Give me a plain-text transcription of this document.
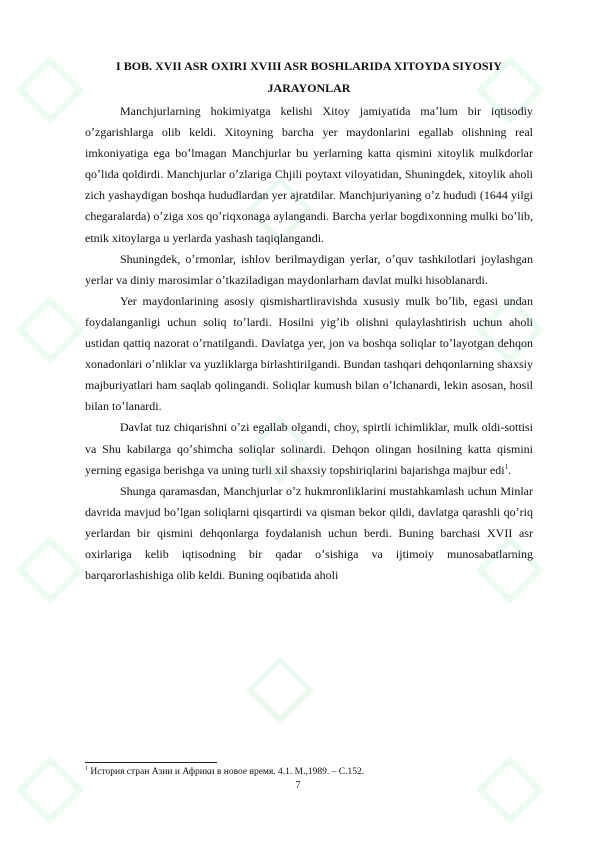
I BOB. XVII ASR OXIRI XVIII ASR BOSHLARIDA XITOYDA SIYOSIY JARAYONLAR

Manchjurlarning hokimiyatga kelishi Xitoy jamiyatida maʼlum bir iqtisodiy oʼzgarishlarga olib keldi. Xitoyning barcha yer maydonlarini egallab olishning real imkoniyatiga ega boʼlmagan Manchjurlar bu yerlarning katta qismini xitoylik mulkdorlar qoʼlida qoldirdi. Manchjurlar oʼzlariga Chjili poytaxt viloyatidan, Shuningdek, xitoylik aholi zich yashaydigan boshqa hududlardan yer ajratdilar. Manchjuriyaning oʼz hududi (1644 yilgi chegaralarda) oʼziga xos qoʼriqxonaga aylangandi. Barcha yerlar bogdixonning mulki boʼlib, etnik xitoylarga u yerlarda yashash taqiqlangandi.

Shuningdek, oʼrmonlar, ishlov berilmaydigan yerlar, oʼquv tashkilotlari joylashgan yerlar va diniy marosimlar oʼtkaziladigan maydonlarham davlat mulki hisoblanardi.

Yer maydonlarining asosiy qismishartliravishda xususiy mulk boʼlib, egasi undan foydalanganligi uchun soliq toʼlardi. Hosilni yigʼib olishni qulaylashtirish uchun aholi ustidan qattiq nazorat oʼrnatilgandi. Davlatga yer, jon va boshqa soliqlar toʼlayotgan dehqon xonadonlari oʼnliklar va yuzliklarga birlashtirilgandi. Bundan tashqari dehqonlarning shaxsiy majburiyatlari ham saqlab qolingandi. Soliqlar kumush bilan oʼlchanardi, lekin asosan, hosil bilan toʼlanardi.

Davlat tuz chiqarishni oʼzi egallab olgandi, choy, spirtli ichimliklar, mulk oldi-sottisi va Shu kabilarga qoʼshimcha soliqlar solinardi. Dehqon olingan hosilning katta qismini yerning egasiga berishga va uning turli xil shaxsiy topshiriqlarini bajarishga majbur edi$^1$.

Shunga qaramasdan, Manchjurlar oʼz hukmronliklarini mustahkamlash uchun Minlar davrida mavjud boʼlgan soliqlarni qisqartirdi va qisman bekor qildi, davlatga qarashli qoʼriq yerlardan bir qismini dehqonlarga foydalanish uchun berdi. Buning barchasi XVII asr oxirlariga kelib iqtisodning bir qadar oʼsishiga va ijtimoiy munosabatlarning barqarorlashishiga olib keldi. Buning oqibatida aholi

$^1$ История стран Азии и Африки в новое время. 4.1. М.,1989. – С.152.
7
